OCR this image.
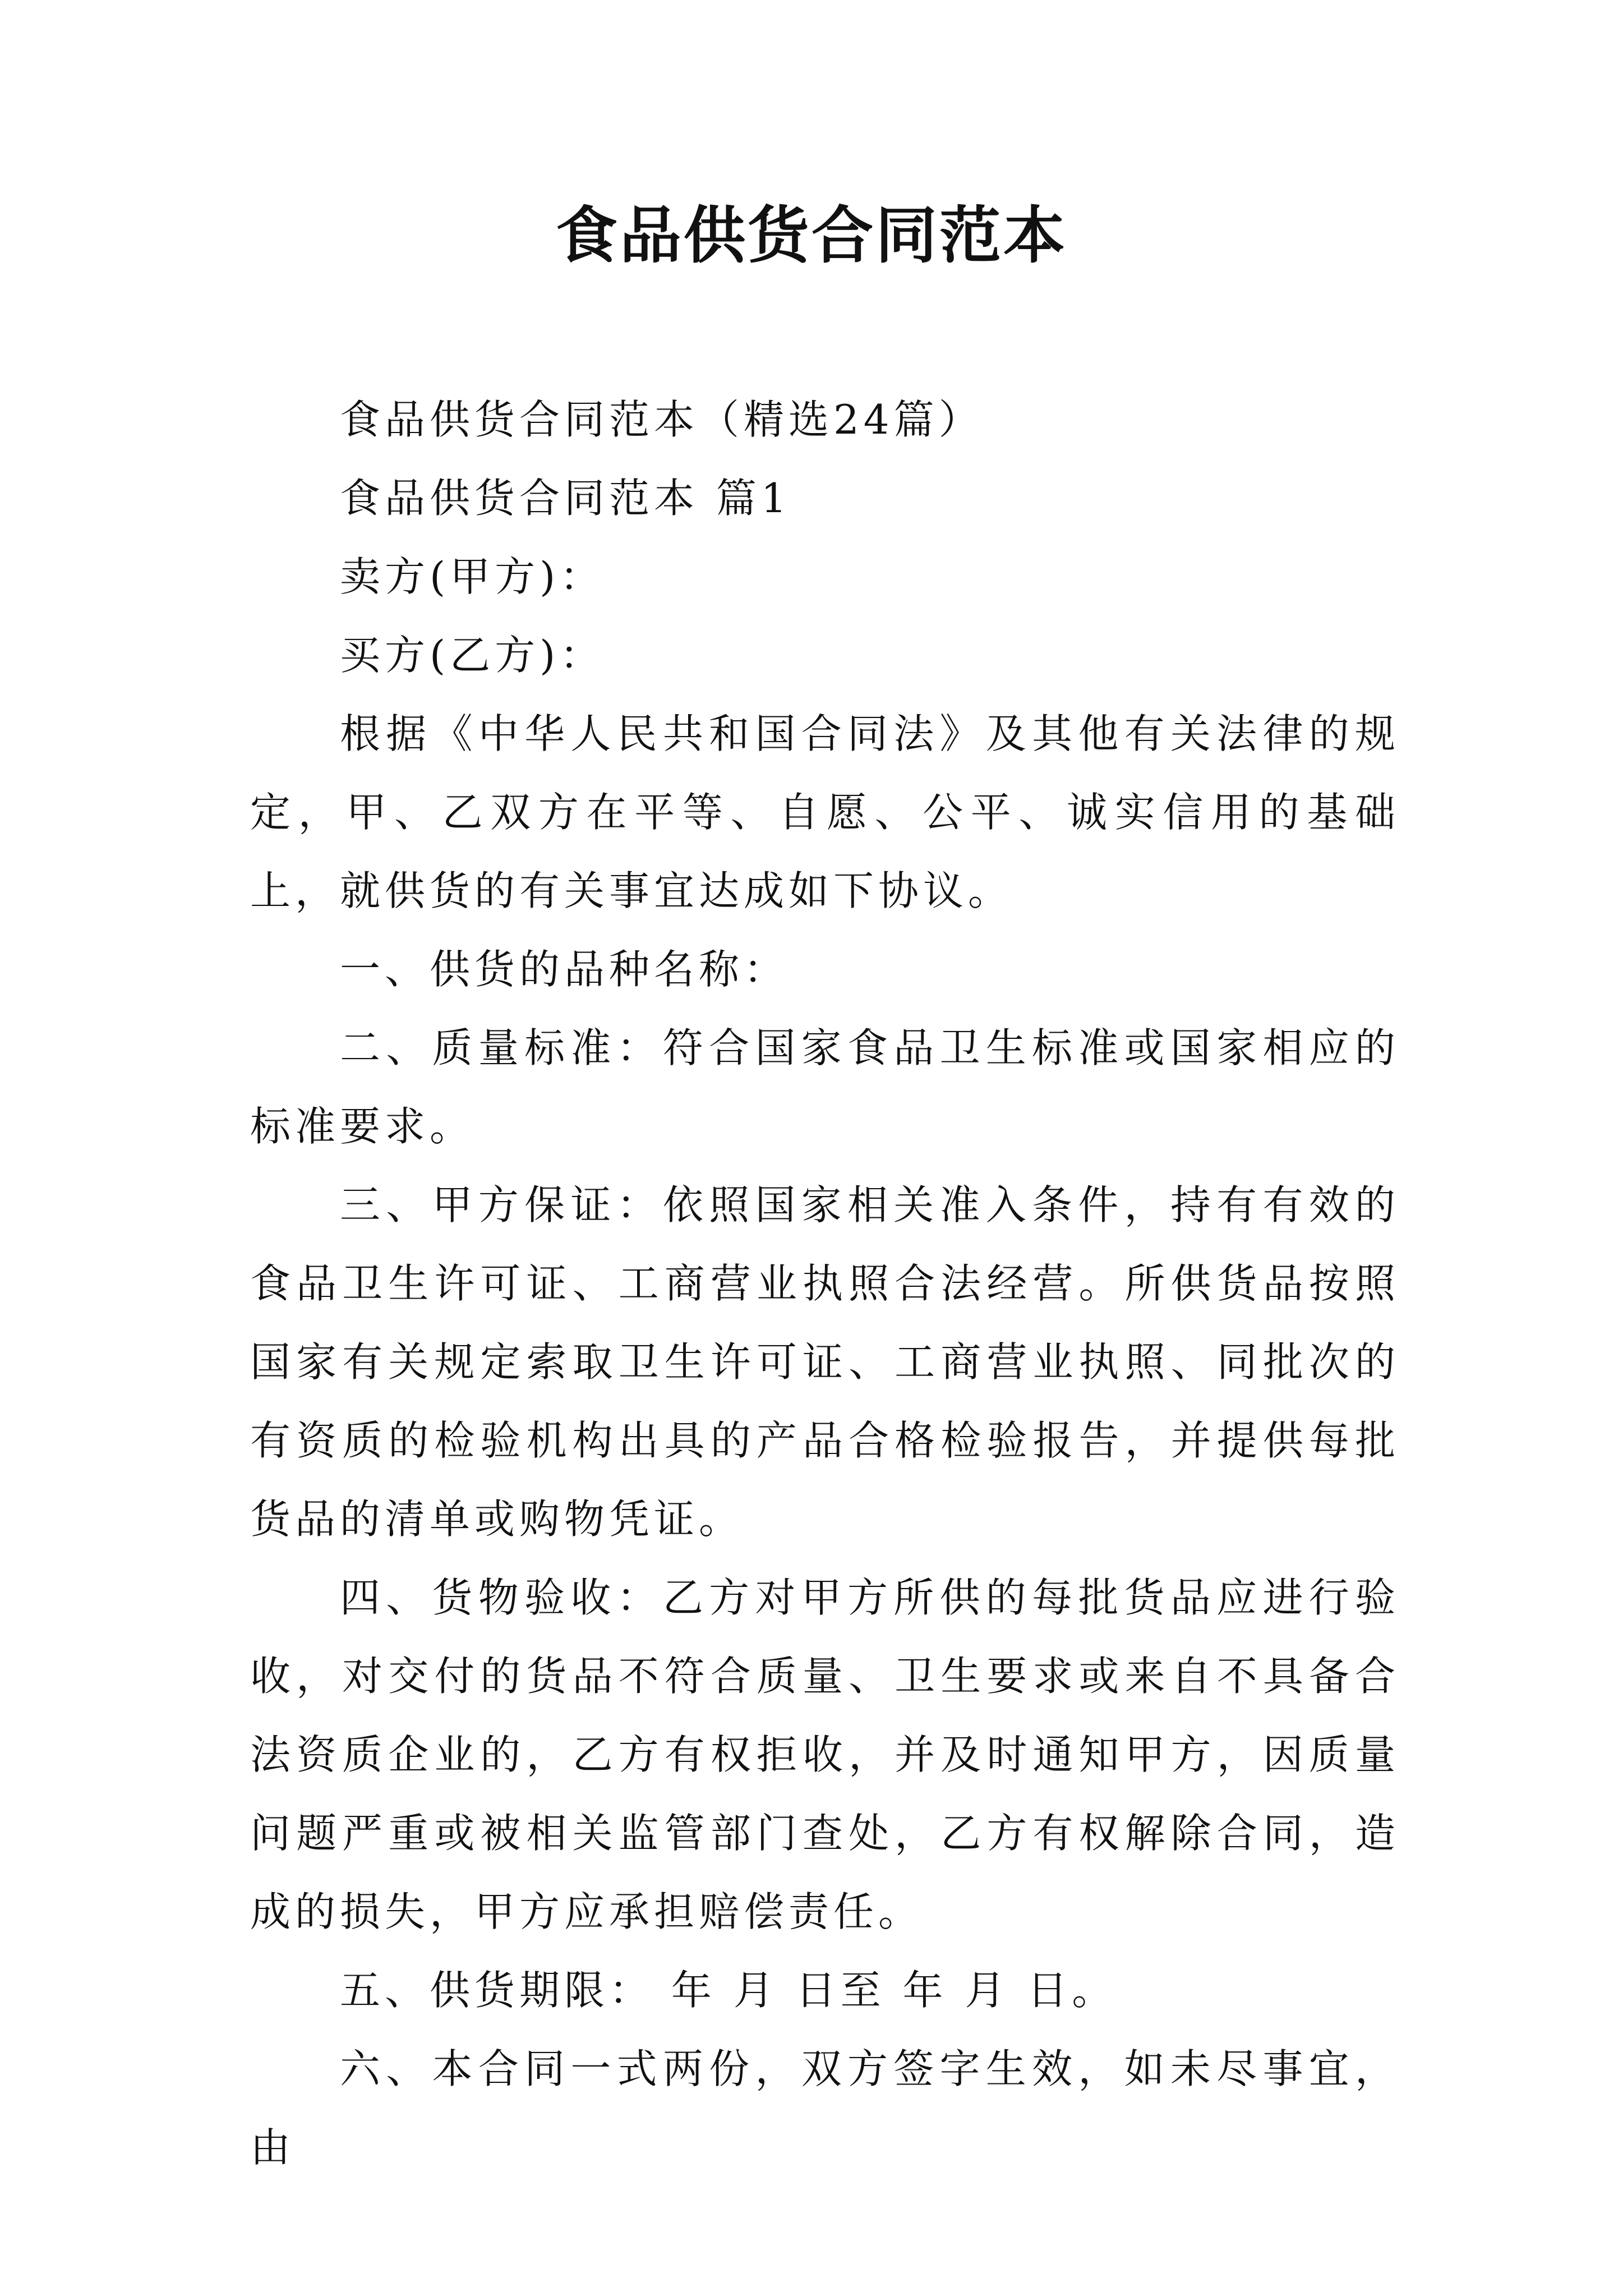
食品供货合同范本

食品供货合同范本（精选24篇）

食品供货合同范本 篇1

卖方(甲方)：

买方(乙方)：

根据《中华人民共和国合同法》及其他有关法律的规定，甲、乙双方在平等、自愿、公平、诚实信用的基础上，就供货的有关事宜达成如下协议。

一、供货的品种名称：

二、质量标准：符合国家食品卫生标准或国家相应的标准要求。

三、甲方保证：依照国家相关准入条件，持有有效的食品卫生许可证、工商营业执照合法经营。所供货品按照国家有关规定索取卫生许可证、工商营业执照、同批次的有资质的检验机构出具的产品合格检验报告，并提供每批货品的清单或购物凭证。

四、货物验收：乙方对甲方所供的每批货品应进行验收，对交付的货品不符合质量、卫生要求或来自不具备合法资质企业的，乙方有权拒收，并及时通知甲方，因质量问题严重或被相关监管部门查处，乙方有权解除合同，造成的损失，甲方应承担赔偿责任。

五、供货期限： 年 月 日至 年 月 日。

六、本合同一式两份，双方签字生效，如未尽事宜，由
